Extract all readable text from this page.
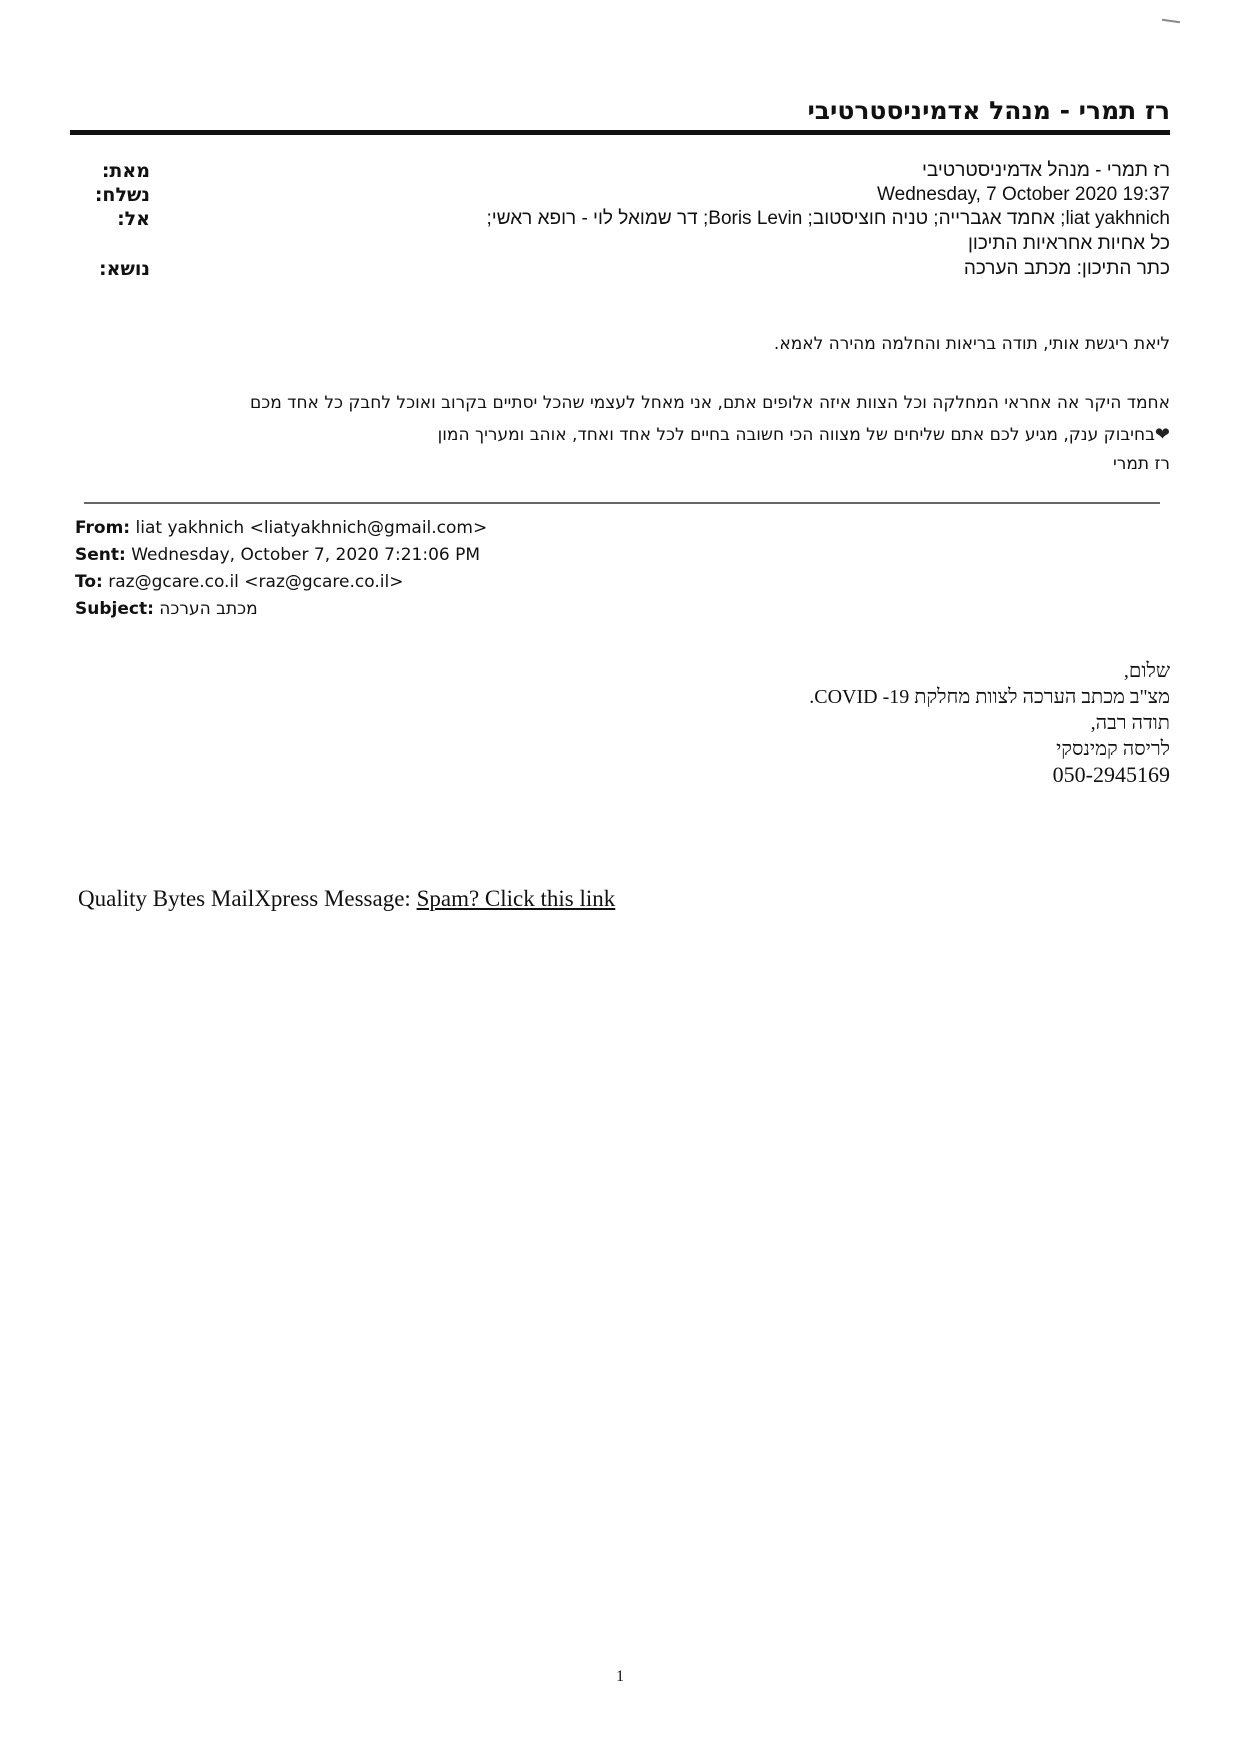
רז תמרי - מנהל אדמיניסטרטיבי
מאת:
נשלח:
אל:
נושא:
רז תמרי - מנהל אדמיניסטרטיבי
Wednesday, 7 October 2020 19:37
liat yakhnich; אחמד אגברייה; טניה חוציסטוב; Boris Levin; דר שמואל לוי - רופא ראשי;
כל אחיות אחראיות התיכון
כתר התיכון: מכתב הערכה
ליאת ריגשת אותי, תודה בריאות והחלמה מהירה לאמא.
אחמד היקר אה אחראי המחלקה וכל הצוות איזה אלופים אתם, אני מאחל לעצמי שהכל יסתיים בקרוב ואוכל לחבק כל אחד מכם
❤בחיבוק ענק, מגיע לכם אתם שליחים של מצווה הכי חשובה בחיים לכל אחד ואחד, אוהב ומעריך המון
רז תמרי
From: liat yakhnich <liatyakhnich@gmail.com>
Sent: Wednesday, October 7, 2020 7:21:06 PM
To: raz@gcare.co.il <raz@gcare.co.il>
Subject: מכתב הערכה
שלום,
מצ"ב מכתב הערכה לצוות מחלקת 19- COVID.
תודה רבה,
לריסה קמינסקי
050-2945169
Quality Bytes MailXpress Message: Spam? Click this link
1
